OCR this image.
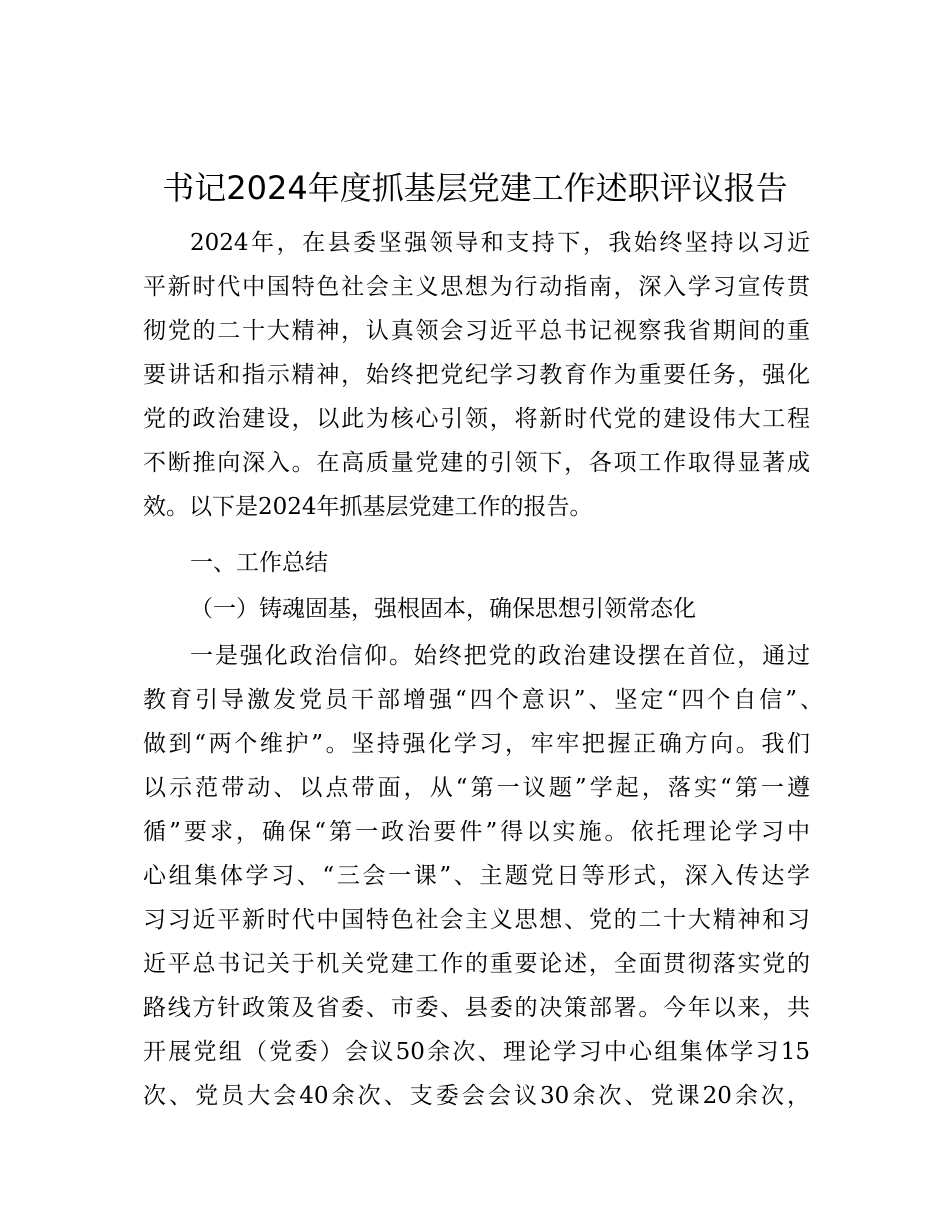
书记2024年度抓基层党建工作述职评议报告
2024年，在县委坚强领导和支持下，我始终坚持以习近
平新时代中国特色社会主义思想为行动指南，深入学习宣传贯
彻党的二十大精神，认真领会习近平总书记视察我省期间的重
要讲话和指示精神，始终把党纪学习教育作为重要任务，强化
党的政治建设，以此为核心引领，将新时代党的建设伟大工程
不断推向深入。在高质量党建的引领下，各项工作取得显著成
效。以下是2024年抓基层党建工作的报告。
一、工作总结
（一）铸魂固基，强根固本，确保思想引领常态化
一是强化政治信仰。始终把党的政治建设摆在首位，通过
教育引导激发党员干部增强“四个意识”、坚定“四个自信”、
做到“两个维护”。坚持强化学习，牢牢把握正确方向。我们
以示范带动、以点带面，从“第一议题”学起，落实“第一遵
循”要求，确保“第一政治要件”得以实施。依托理论学习中
心组集体学习、“三会一课”、主题党日等形式，深入传达学
习习近平新时代中国特色社会主义思想、党的二十大精神和习
近平总书记关于机关党建工作的重要论述，全面贯彻落实党的
路线方针政策及省委、市委、县委的决策部署。今年以来，共
开展党组（党委）会议50余次、理论学习中心组集体学习15
次、党员大会40余次、支委会会议30余次、党课20余次，
